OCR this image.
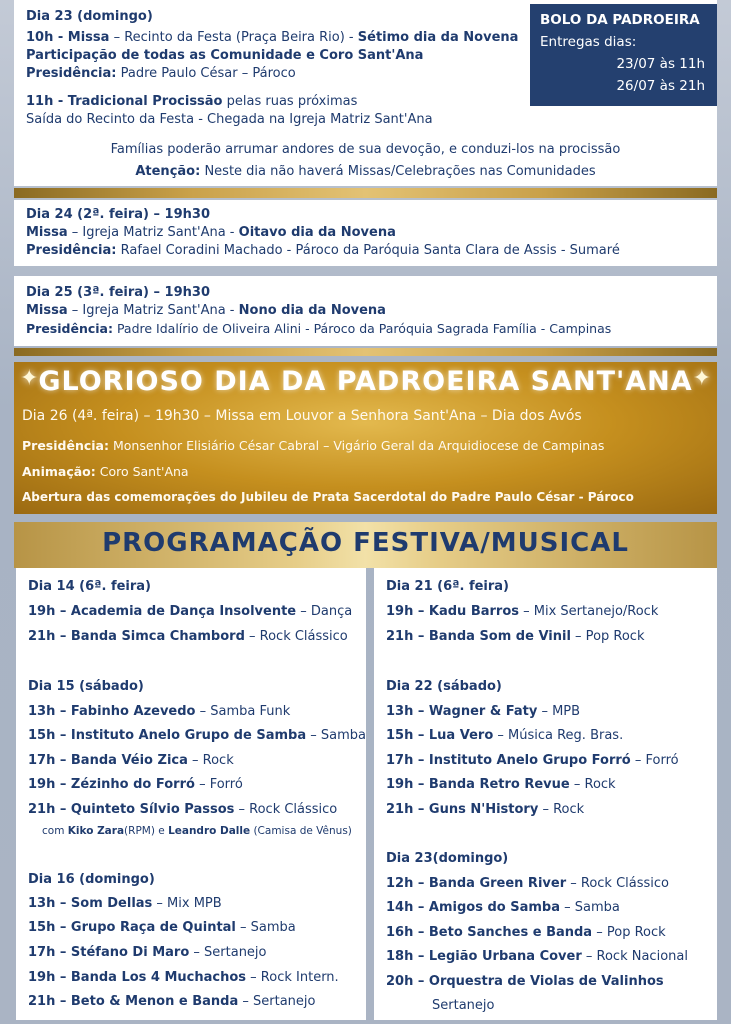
Dia 23 (domingo)
10h - Missa – Recinto da Festa (Praça Beira Rio) - Sétimo dia da Novena
Participação de todas as Comunidade e Coro Sant'Ana
Presidência: Padre Paulo César – Pároco
11h - Tradicional Procissão pelas ruas próximas
Saída do Recinto da Festa - Chegada na Igreja Matriz Sant'Ana
Famílias poderão arrumar andores de sua devoção, e conduzi-los na procissão
Atenção: Neste dia não haverá Missas/Celebrações nas Comunidades
BOLO DA PADROEIRA
Entregas dias:
23/07 às 11h
26/07 às 21h
Dia 24 (2ª. feira) – 19h30
Missa – Igreja Matriz Sant'Ana - Oitavo dia da Novena
Presidência: Rafael Coradini Machado - Pároco da Paróquia Santa Clara de Assis - Sumaré
Dia 25 (3ª. feira) – 19h30
Missa – Igreja Matriz Sant'Ana - Nono dia da Novena
Presidência: Padre Idalírio de Oliveira Alini - Pároco da Paróquia Sagrada Família - Campinas
✦	✦
GLORIOSO DIA DA PADROEIRA SANT'ANA
Dia 26 (4ª. feira) – 19h30 – Missa em Louvor a Senhora Sant'Ana – Dia dos Avós
Presidência: Monsenhor Elisiário César Cabral – Vigário Geral da Arquidiocese de Campinas
Animação: Coro Sant'Ana
Abertura das comemorações do Jubileu de Prata Sacerdotal do Padre Paulo César - Pároco
PROGRAMAÇÃO FESTIVA/MUSICAL
Dia 14 (6ª. feira)
19h – Academia de Dança Insolvente – Dança
21h – Banda Simca Chambord – Rock Clássico
Dia 15 (sábado)
13h – Fabinho Azevedo – Samba Funk
15h – Instituto Anelo Grupo de Samba – Samba
17h – Banda Véio Zica – Rock
19h – Zézinho do Forró – Forró
21h – Quinteto Sílvio Passos – Rock Clássico
com Kiko Zara(RPM) e Leandro Dalle (Camisa de Vênus)
Dia 16 (domingo)
13h – Som Dellas – Mix MPB
15h – Grupo Raça de Quintal – Samba
17h – Stéfano Di Maro – Sertanejo
19h – Banda Los 4 Muchachos – Rock Intern.
21h – Beto & Menon e Banda – Sertanejo
Dia 21 (6ª. feira)
19h – Kadu Barros – Mix Sertanejo/Rock
21h – Banda Som de Vinil – Pop Rock
Dia 22 (sábado)
13h – Wagner & Faty – MPB
15h – Lua Vero – Música Reg. Bras.
17h – Instituto Anelo Grupo Forró – Forró
19h – Banda Retro Revue – Rock
21h – Guns N'History – Rock
Dia 23(domingo)
12h – Banda Green River – Rock Clássico
14h – Amigos do Samba – Samba
16h – Beto Sanches e Banda – Pop Rock
18h – Legião Urbana Cover – Rock Nacional
20h – Orquestra de Violas de Valinhos
Sertanejo
